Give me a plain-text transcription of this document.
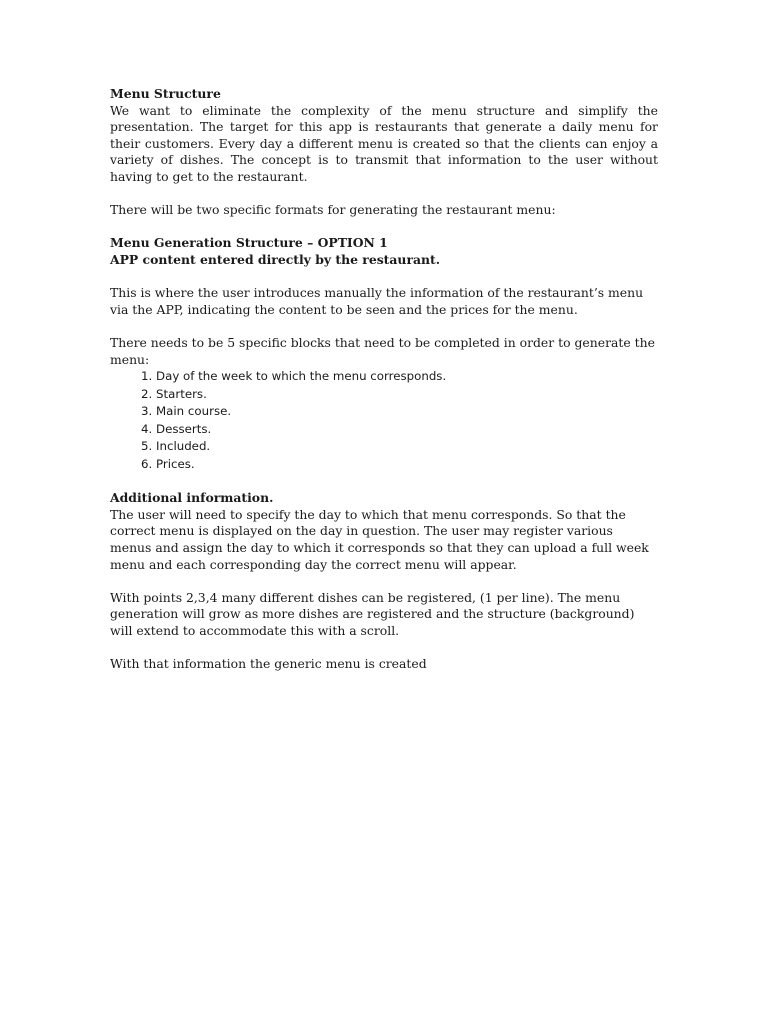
Menu Structure

We want to eliminate the complexity of the menu structure and simplify the presentation. The target for this app is restaurants that generate a daily menu for their customers. Every day a different menu is created so that the clients can enjoy a variety of dishes. The concept is to transmit that information to the user without having to get to the restaurant.

There will be two specific formats for generating the restaurant menu:

Menu Generation Structure – OPTION 1

APP content entered directly by the restaurant.

This is where the user introduces manually the information of the restaurant’s menu via the APP, indicating the content to be seen and the prices for the menu.

There needs to be 5 specific blocks that need to be completed in order to generate the menu:

1. Day of the week to which the menu corresponds.
2. Starters.
3. Main course.
4. Desserts.
5. Included.
6. Prices.

Additional information.

The user will need to specify the day to which that menu corresponds. So that the correct menu is displayed on the day in question. The user may register various menus and assign the day to which it corresponds so that they can upload a full week menu and each corresponding day the correct menu will appear.

With points 2,3,4 many different dishes can be registered, (1 per line). The menu generation will grow as more dishes are registered and the structure (background) will extend to accommodate this with a scroll.

With that information the generic menu is created
